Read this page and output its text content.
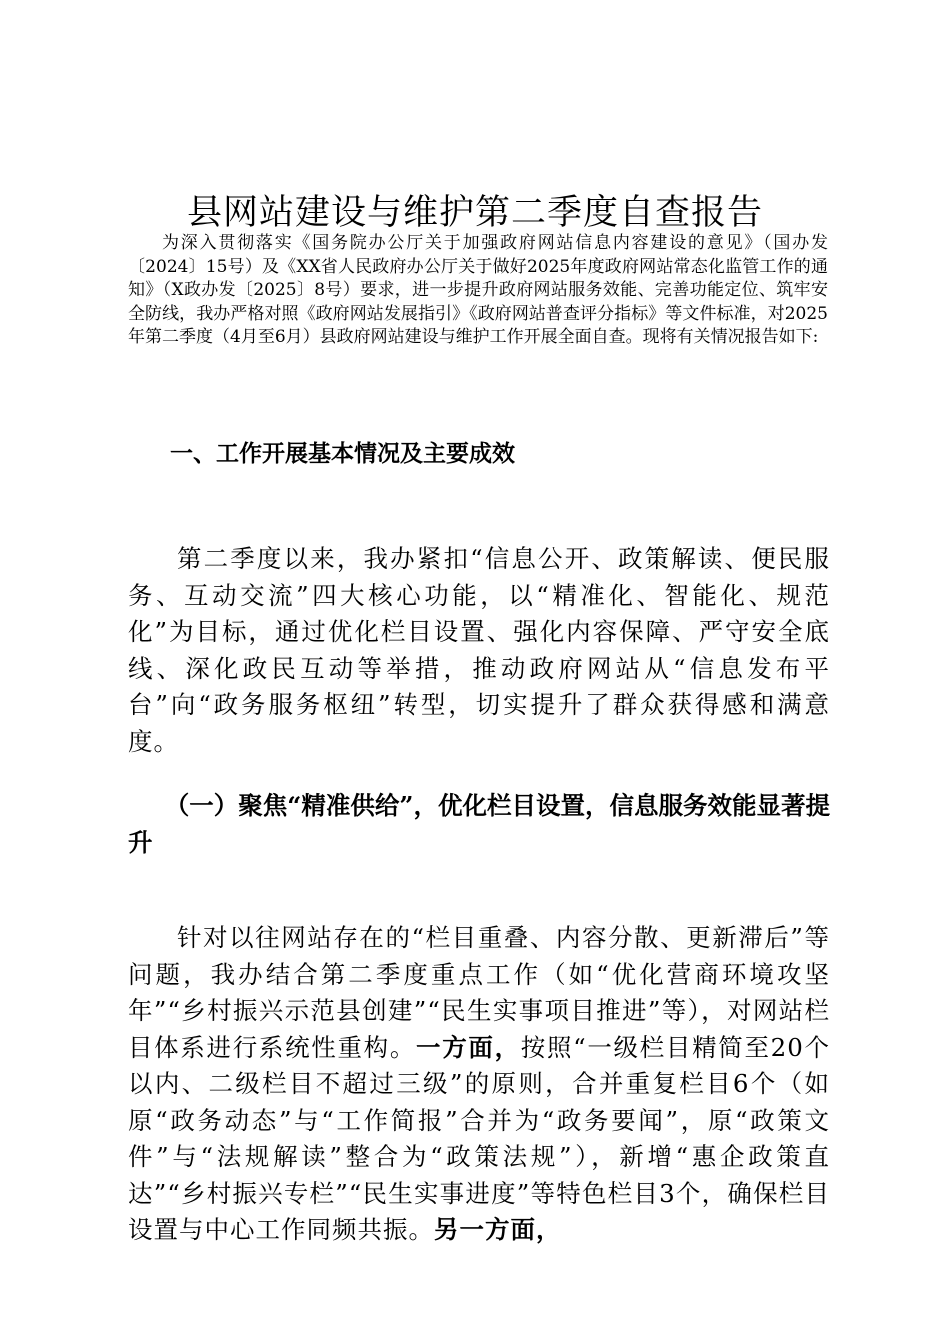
县网站建设与维护第二季度自查报告

为深入贯彻落实《国务院办公厅关于加强政府网站信息内容建设的意见》（国办发〔2024〕15号）及《XX省人民政府办公厅关于做好2025年度政府网站常态化监管工作的通知》（X政办发〔2025〕8号）要求，进一步提升政府网站服务效能、完善功能定位、筑牢安全防线，我办严格对照《政府网站发展指引》《政府网站普查评分指标》等文件标准，对2025年第二季度（4月至6月）县政府网站建设与维护工作开展全面自查。现将有关情况报告如下:

一、工作开展基本情况及主要成效

第二季度以来，我办紧扣“信息公开、政策解读、便民服务、互动交流”四大核心功能，以“精准化、智能化、规范化”为目标，通过优化栏目设置、强化内容保障、严守安全底线、深化政民互动等举措，推动政府网站从“信息发布平台”向“政务服务枢纽”转型，切实提升了群众获得感和满意度。

（一）聚焦“精准供给”，优化栏目设置，信息服务效能显著提升

针对以往网站存在的“栏目重叠、内容分散、更新滞后”等问题，我办结合第二季度重点工作（如“优化营商环境攻坚年”“乡村振兴示范县创建”“民生实事项目推进”等），对网站栏目体系进行系统性重构。一方面，按照“一级栏目精简至20个以内、二级栏目不超过三级”的原则，合并重复栏目6个（如原“政务动态”与“工作简报”合并为“政务要闻”，原“政策文件”与“法规解读”整合为“政策法规”），新增“惠企政策直达”“乡村振兴专栏”“民生实事进度”等特色栏目3个，确保栏目设置与中心工作同频共振。另一方面，
